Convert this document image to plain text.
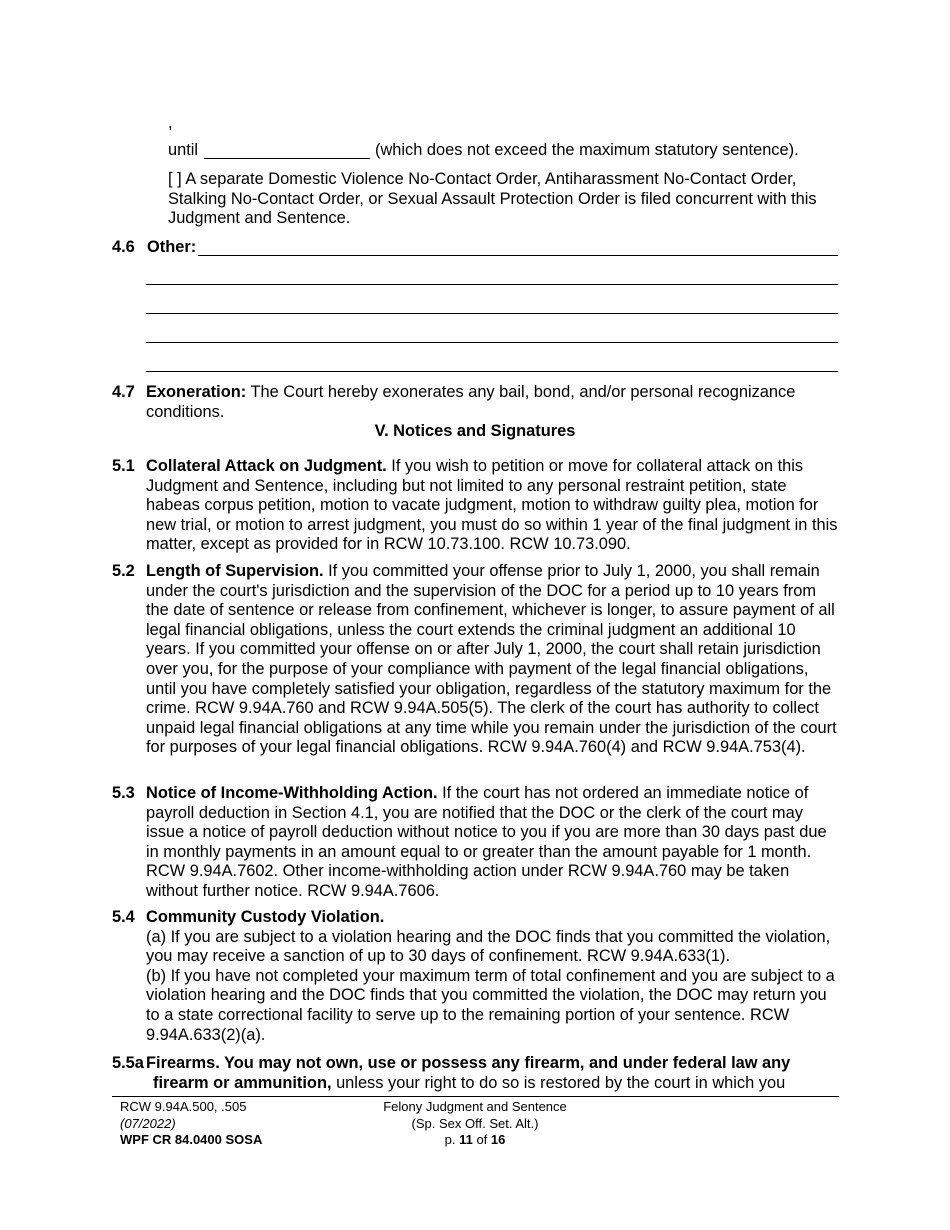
,
until	(which does not exceed the maximum statutory sentence).
[ ] A separate Domestic Violence No-Contact Order, Antiharassment No-Contact Order, Stalking No-Contact Order, or Sexual Assault Protection Order is filed concurrent with this Judgment and Sentence.
4.6 Other:
4.7 Exoneration: The Court hereby exonerates any bail, bond, and/or personal recognizance conditions.
V. Notices and Signatures
5.1 Collateral Attack on Judgment. If you wish to petition or move for collateral attack on this Judgment and Sentence, including but not limited to any personal restraint petition, state habeas corpus petition, motion to vacate judgment, motion to withdraw guilty plea, motion for new trial, or motion to arrest judgment, you must do so within 1 year of the final judgment in this matter, except as provided for in RCW 10.73.100. RCW 10.73.090.
5.2 Length of Supervision. If you committed your offense prior to July 1, 2000, you shall remain under the court's jurisdiction and the supervision of the DOC for a period up to 10 years from the date of sentence or release from confinement, whichever is longer, to assure payment of all legal financial obligations, unless the court extends the criminal judgment an additional 10 years. If you committed your offense on or after July 1, 2000, the court shall retain jurisdiction over you, for the purpose of your compliance with payment of the legal financial obligations, until you have completely satisfied your obligation, regardless of the statutory maximum for the crime. RCW 9.94A.760 and RCW 9.94A.505(5). The clerk of the court has authority to collect unpaid legal financial obligations at any time while you remain under the jurisdiction of the court for purposes of your legal financial obligations. RCW 9.94A.760(4) and RCW 9.94A.753(4).
5.3 Notice of Income-Withholding Action. If the court has not ordered an immediate notice of payroll deduction in Section 4.1, you are notified that the DOC or the clerk of the court may issue a notice of payroll deduction without notice to you if you are more than 30 days past due in monthly payments in an amount equal to or greater than the amount payable for 1 month. RCW 9.94A.7602. Other income-withholding action under RCW 9.94A.760 may be taken without further notice. RCW 9.94A.7606.
5.4 Community Custody Violation.
(a) If you are subject to a violation hearing and the DOC finds that you committed the violation, you may receive a sanction of up to 30 days of confinement. RCW 9.94A.633(1).
(b) If you have not completed your maximum term of total confinement and you are subject to a violation hearing and the DOC finds that you committed the violation, the DOC may return you to a state correctional facility to serve up to the remaining portion of your sentence. RCW 9.94A.633(2)(a).
5.5a Firearms. You may not own, use or possess any firearm, and under federal law any
firearm or ammunition, unless your right to do so is restored by the court in which you
RCW 9.94A.500, .505
(07/2022)
WPF CR 84.0400 SOSA
Felony Judgment and Sentence
(Sp. Sex Off. Set. Alt.)
p. 11 of 16
